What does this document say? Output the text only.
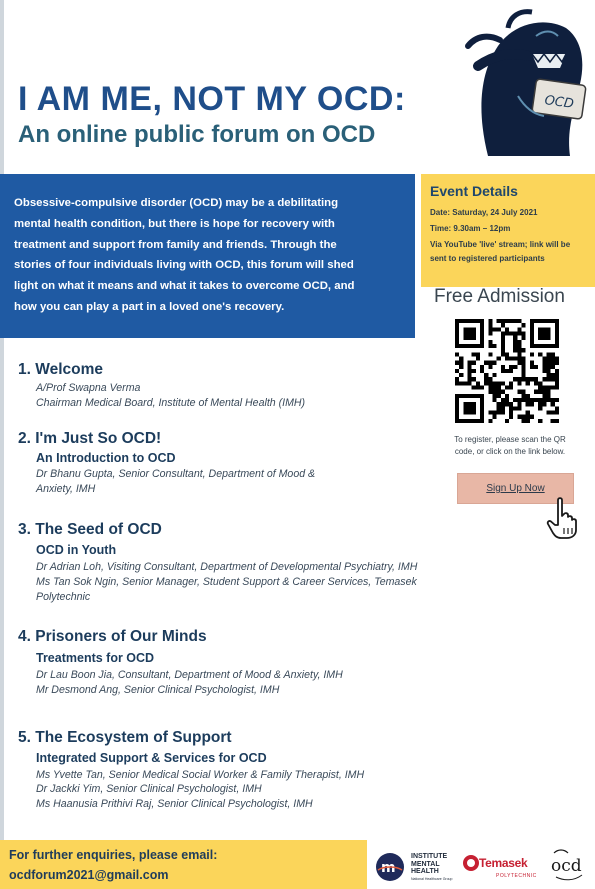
I AM ME, NOT MY OCD:
An online public forum on OCD
OCD
Obsessive-compulsive disorder (OCD) may be a debilitating
mental health condition, but there is hope for recovery with
treatment and support from family and friends. Through the
stories of four individuals living with OCD, this forum will shed
light on what it means and what it takes to overcome OCD, and
how you can play a part in a loved one's recovery.
Event Details
Date: Saturday, 24 July 2021
Time: 9.30am – 12pm
Via YouTube 'live' stream; link will be
sent to registered participants
Free Admission
To register, please scan the QR
code, or click on the link below.
Sign Up Now
1. Welcome
A/Prof Swapna Verma
Chairman Medical Board, Institute of Mental Health (IMH)
2. I'm Just So OCD!
An Introduction to OCD
Dr Bhanu Gupta, Senior Consultant, Department of Mood &
Anxiety, IMH
3. The Seed of OCD
OCD in Youth
Dr Adrian Loh, Visiting Consultant, Department of Developmental Psychiatry, IMH
Ms Tan Sok Ngin, Senior Manager, Student Support & Career Services, Temasek
Polytechnic
4. Prisoners of Our Minds
Treatments for OCD
Dr Lau Boon Jia, Consultant, Department of Mood & Anxiety, IMH
Mr Desmond Ang, Senior Clinical Psychologist, IMH
5. The Ecosystem of Support
Integrated Support & Services for OCD
Ms Yvette Tan, Senior Medical Social Worker & Family Therapist, IMH
Dr Jackki Yim, Senior Clinical Psychologist, IMH
Ms Haanusia Prithivi Raj, Senior Clinical Psychologist, IMH
For further enquiries, please email:
ocdforum2021@gmail.com	m
INSTITUTE
MENTAL
HEALTH
National Healthcare Group
Temasek
POLYTECHNIC ocd
